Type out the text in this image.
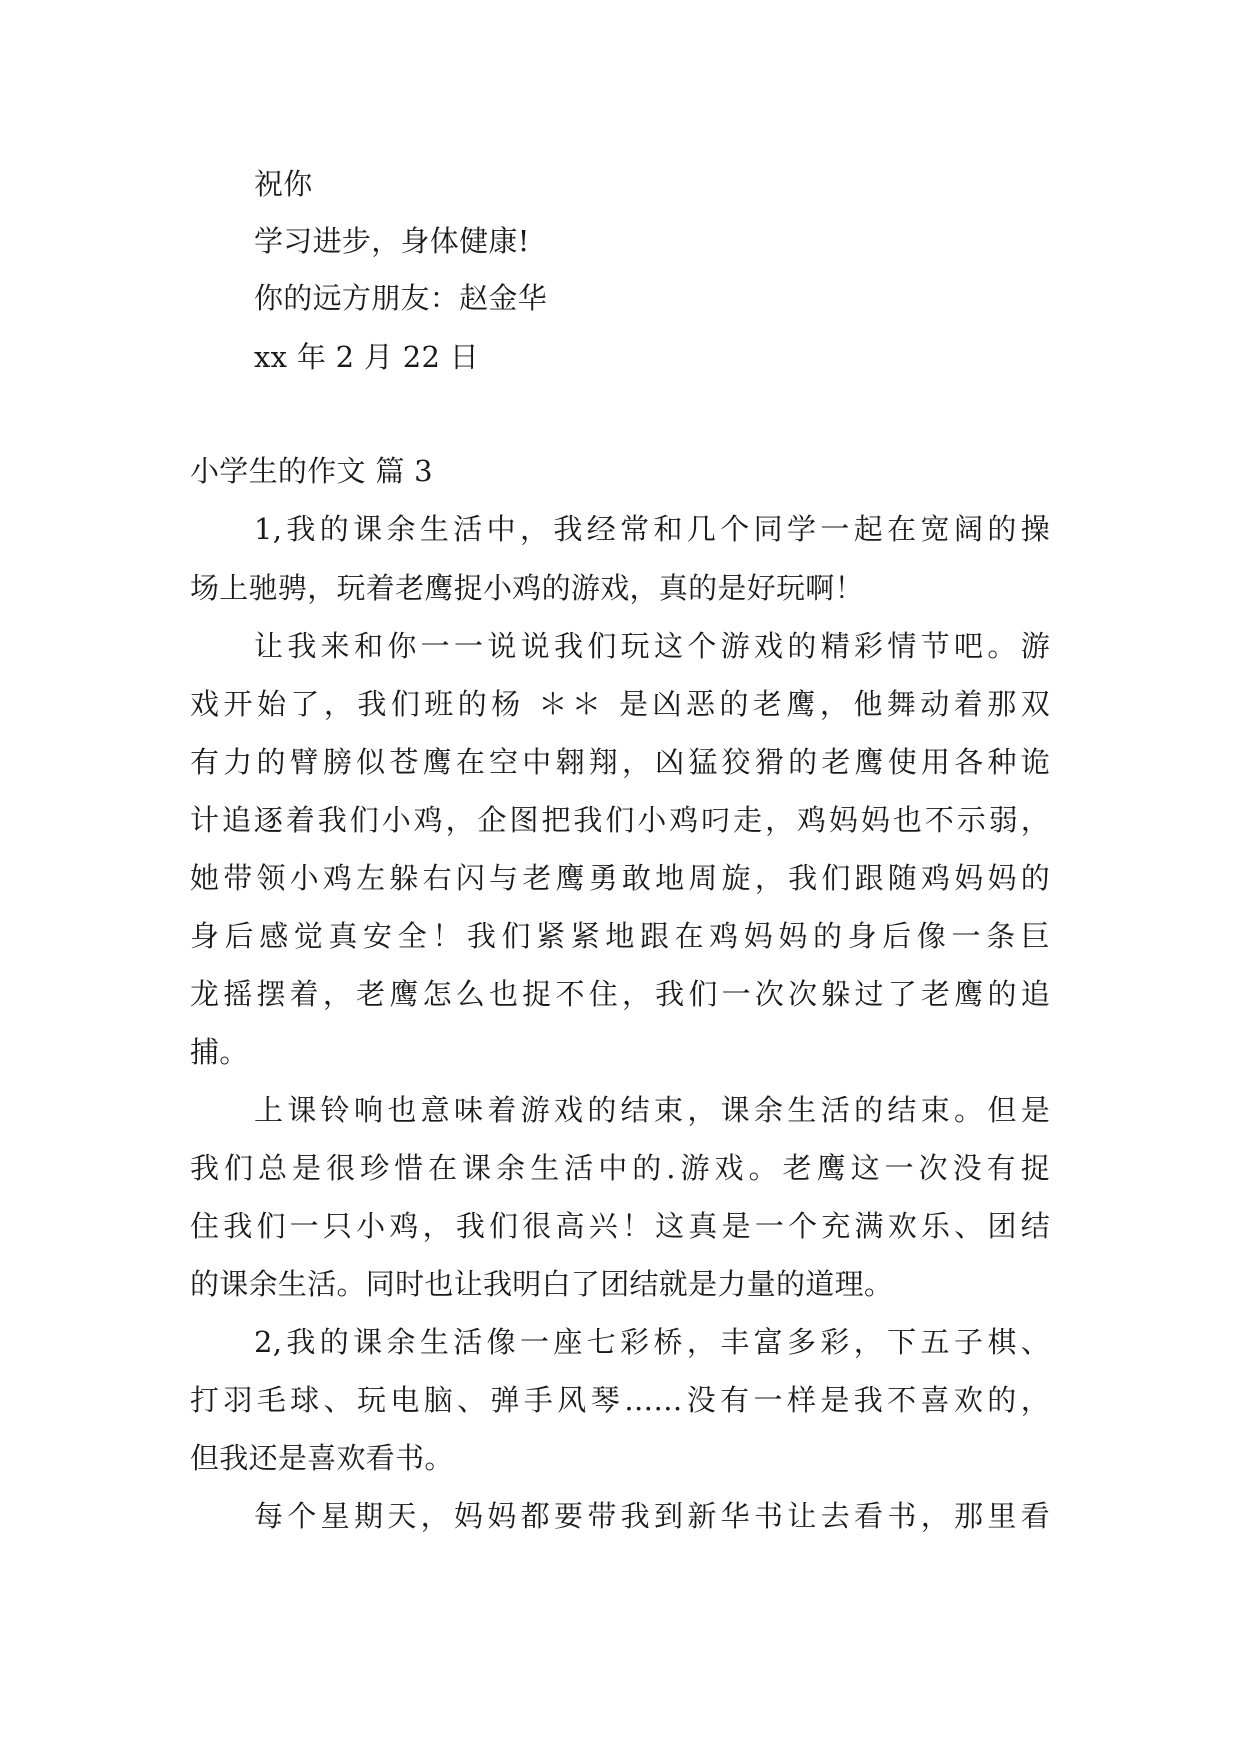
祝你
学习进步，身体健康!
你的远方朋友：赵金华
xx 年 2 月 22 日
小学生的作文 篇 3
1,我的课余生活中，我经常和几个同学一起在宽阔的操
场上驰骋，玩着老鹰捉小鸡的游戏，真的是好玩啊！
让我来和你一一说说我们玩这个游戏的精彩情节吧。游
戏开始了，我们班的杨 ＊＊ 是凶恶的老鹰，他舞动着那双
有力的臂膀似苍鹰在空中翱翔，凶猛狡猾的老鹰使用各种诡
计追逐着我们小鸡，企图把我们小鸡叼走，鸡妈妈也不示弱，
她带领小鸡左躲右闪与老鹰勇敢地周旋，我们跟随鸡妈妈的
身后感觉真安全！我们紧紧地跟在鸡妈妈的身后像一条巨
龙摇摆着，老鹰怎么也捉不住，我们一次次躲过了老鹰的追
捕。
上课铃响也意味着游戏的结束，课余生活的结束。但是
我们总是很珍惜在课余生活中的.游戏。老鹰这一次没有捉
住我们一只小鸡，我们很高兴！这真是一个充满欢乐、团结
的课余生活。同时也让我明白了团结就是力量的道理。
2,我的课余生活像一座七彩桥，丰富多彩，下五子棋、
打羽毛球、玩电脑、弹手风琴……没有一样是我不喜欢的，
但我还是喜欢看书。
每个星期天，妈妈都要带我到新华书让去看书，那里看
